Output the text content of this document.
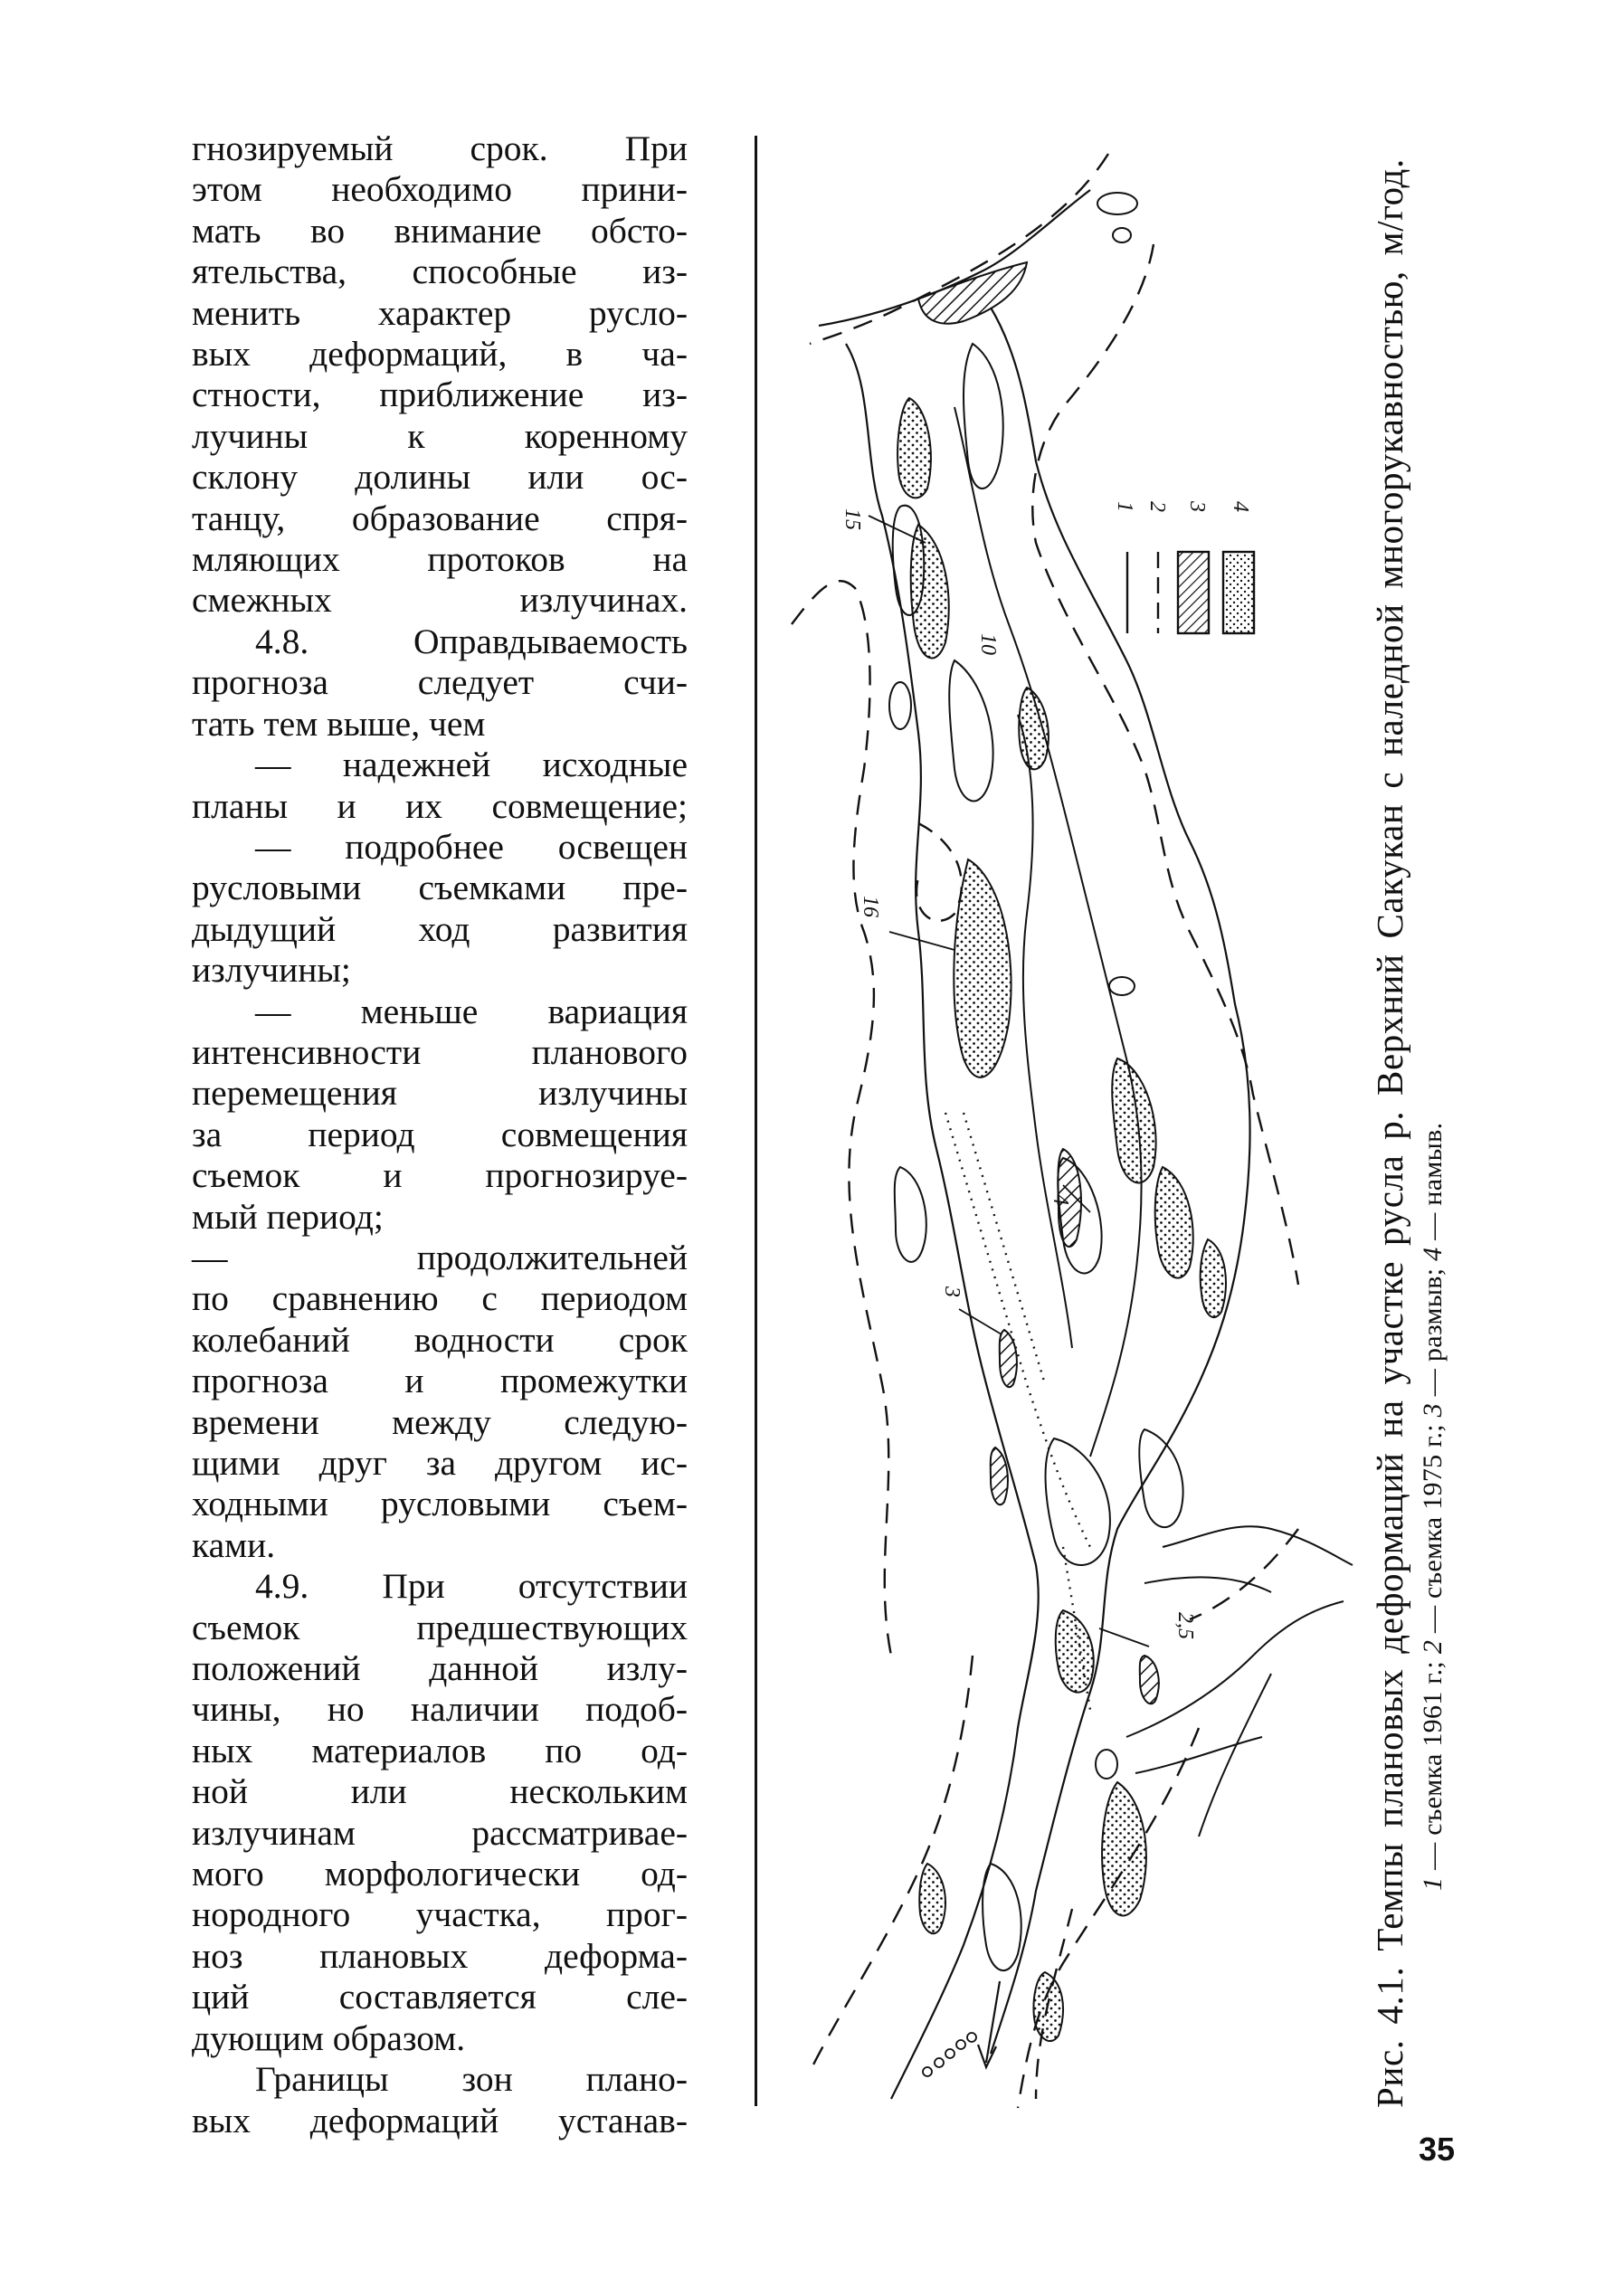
гнозируемый срок. При
этом необходимо прини-
мать во внимание обсто-
ятельства, способные из-
менить характер русло-
вых деформаций, в ча-
стности, приближение из-
лучины к коренному
склону долины или ос-
танцу, образование спря-
мляющих протоков на
смежных излучинах.
4.8. Оправдываемость
прогноза следует счи-
тать тем выше, чем
— надежней исходные
планы и их совмещение;
— подробнее освещен
русловыми съемками пре-
дыдущий ход развития
излучины;
— меньше вариация
интенсивности планового
перемещения излучины
за период совмещения
съемок и прогнозируе-
мый период;
— продолжительней
по сравнению с периодом
колебаний водности срок
прогноза и промежутки
времени между следую-
щими друг за другом ис-
ходными русловыми съем-
ками.
4.9. При отсутствии
съемок предшествующих
положений данной излу-
чины, но наличии подоб-
ных материалов по од-
ной или нескольким
излучинам рассматривае-
мого морфологически од-
нородного участка, прог-
ноз плановых деформа-
ций составляется сле-
дующим образом.
Границы зон плано-
вых деформаций устанав-
15
16
10
4
3
2,5
1 2 3 4	Рис. 4.1. Темпы плановых деформаций на участке русла р. Верхний Сакукан с наледной многорукавностью, м/год. 1 — съемка 1961 г.; 2 — съемка 1975 г.; 3 — размыв; 4 — намыв.
35
